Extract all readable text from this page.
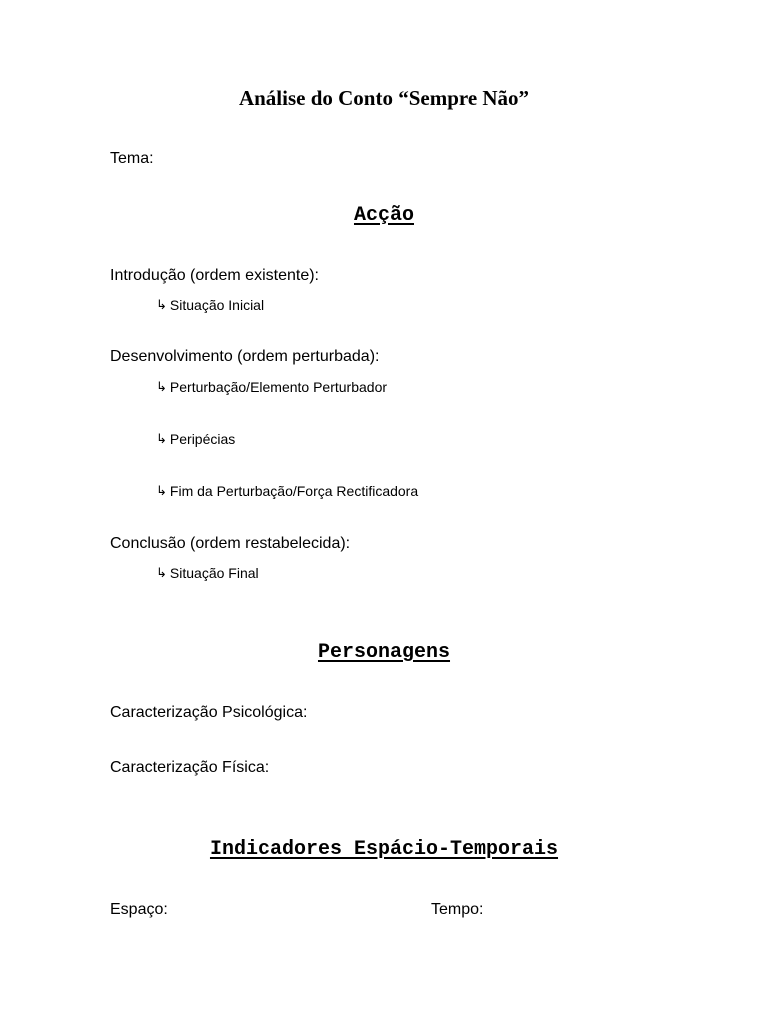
Análise do Conto “Sempre Não”
Tema:
Acção
Introdução (ordem existente):
↳ Situação Inicial
Desenvolvimento (ordem perturbada):
↳ Perturbação/Elemento Perturbador
↳ Peripécias
↳ Fim da Perturbação/Força Rectificadora
Conclusão (ordem restabelecida):
↳ Situação Final
Personagens
Caracterização Psicológica:
Caracterização Física:
Indicadores Espácio-Temporais
Espaço:	Tempo:
